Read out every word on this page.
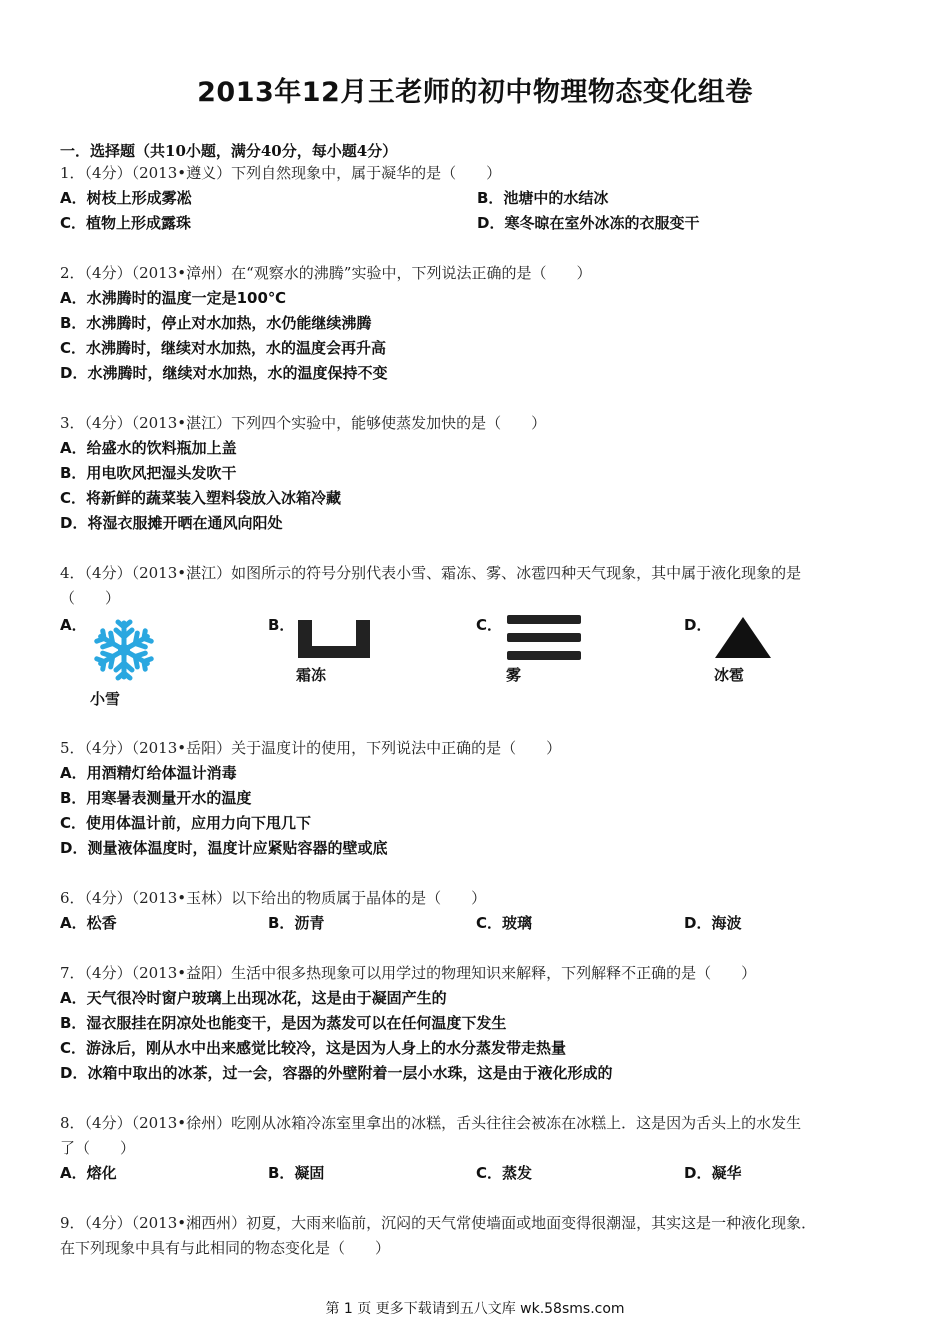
2013年12月王老师的初中物理物态变化组卷
一．选择题（共10小题，满分40分，每小题4分）
1．（4分）（2013•遵义）下列自然现象中，属于凝华的是（　　）
A．树枝上形成雾凇	B．池塘中的水结冰
C．植物上形成露珠	D．寒冬晾在室外冰冻的衣服变干
2．（4分）（2013•漳州）在“观察水的沸腾”实验中，下列说法正确的是（　　）
A．水沸腾时的温度一定是100℃
B．水沸腾时，停止对水加热，水仍能继续沸腾
C．水沸腾时，继续对水加热，水的温度会再升高
D．水沸腾时，继续对水加热，水的温度保持不变
3．（4分）（2013•湛江）下列四个实验中，能够使蒸发加快的是（　　）
A．给盛水的饮料瓶加上盖
B．用电吹风把湿头发吹干
C．将新鲜的蔬菜装入塑料袋放入冰箱冷藏
D．将湿衣服摊开晒在通风向阳处
4．（4分）（2013•湛江）如图所示的符号分别代表小雪、霜冻、雾、冰雹四种天气现象，其中属于液化现象的是
（　　）
A．
小雪
B．
霜冻
C．
雾
D．
冰雹
5．（4分）（2013•岳阳）关于温度计的使用，下列说法中正确的是（　　）
A．用酒精灯给体温计消毒
B．用寒暑表测量开水的温度
C．使用体温计前，应用力向下甩几下
D．测量液体温度时，温度计应紧贴容器的壁或底
6．（4分）（2013•玉林）以下给出的物质属于晶体的是（　　）
A．松香	B．沥青	C．玻璃	D．海波
7．（4分）（2013•益阳）生活中很多热现象可以用学过的物理知识来解释，下列解释不正确的是（　　）
A．天气很冷时窗户玻璃上出现冰花，这是由于凝固产生的
B．湿衣服挂在阴凉处也能变干，是因为蒸发可以在任何温度下发生
C．游泳后，刚从水中出来感觉比较冷，这是因为人身上的水分蒸发带走热量
D．冰箱中取出的冰茶，过一会，容器的外壁附着一层小水珠，这是由于液化形成的
8．（4分）（2013•徐州）吃刚从冰箱冷冻室里拿出的冰糕，舌头往往会被冻在冰糕上．这是因为舌头上的水发生
了（　　）
A．熔化	B．凝固	C．蒸发	D．凝华
9．（4分）（2013•湘西州）初夏，大雨来临前，沉闷的天气常使墙面或地面变得很潮湿，其实这是一种液化现象．
在下列现象中具有与此相同的物态变化是（　　）
第 1 页 更多下载请到五八文库 wk.58sms.com
